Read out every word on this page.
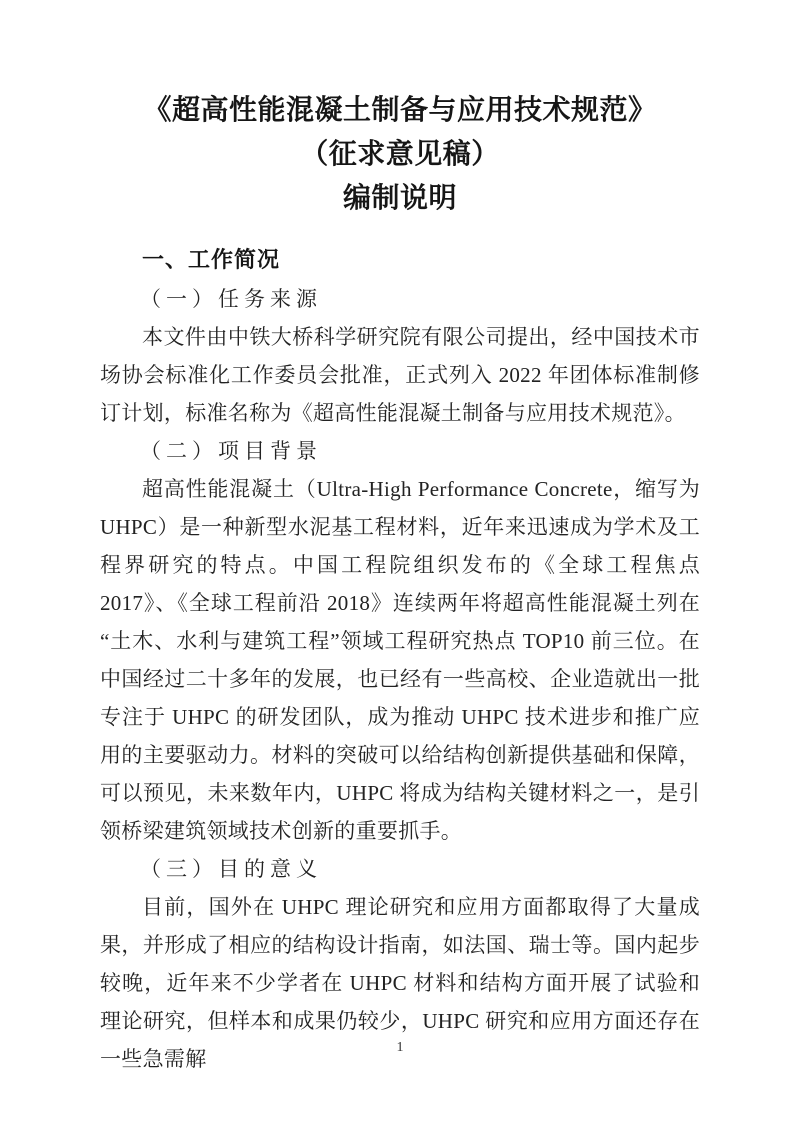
《超高性能混凝土制备与应用技术规范》
（征求意见稿）
编制说明
一、工作简况
（一）任务来源

本文件由中铁大桥科学研究院有限公司提出，经中国技术市场协会标准化工作委员会批准，正式列入 2022 年团体标准制修订计划，标准名称为《超高性能混凝土制备与应用技术规范》。

（二）项目背景

超高性能混凝土（Ultra-High Performance Concrete，缩写为 UHPC）是一种新型水泥基工程材料，近年来迅速成为学术及工程界研究的特点。中国工程院组织发布的《全球工程焦点 2017》、《全球工程前沿 2018》连续两年将超高性能混凝土列在“土木、水利与建筑工程”领域工程研究热点 TOP10 前三位。在中国经过二十多年的发展，也已经有一些高校、企业造就出一批专注于 UHPC 的研发团队，成为推动 UHPC 技术进步和推广应用的主要驱动力。材料的突破可以给结构创新提供基础和保障，可以预见，未来数年内，UHPC 将成为结构关键材料之一，是引领桥梁建筑领域技术创新的重要抓手。

（三）目的意义

目前，国外在 UHPC 理论研究和应用方面都取得了大量成果，并形成了相应的结构设计指南，如法国、瑞士等。国内起步较晚，近年来不少学者在 UHPC 材料和结构方面开展了试验和理论研究，但样本和成果仍较少，UHPC 研究和应用方面还存在一些急需解	1
